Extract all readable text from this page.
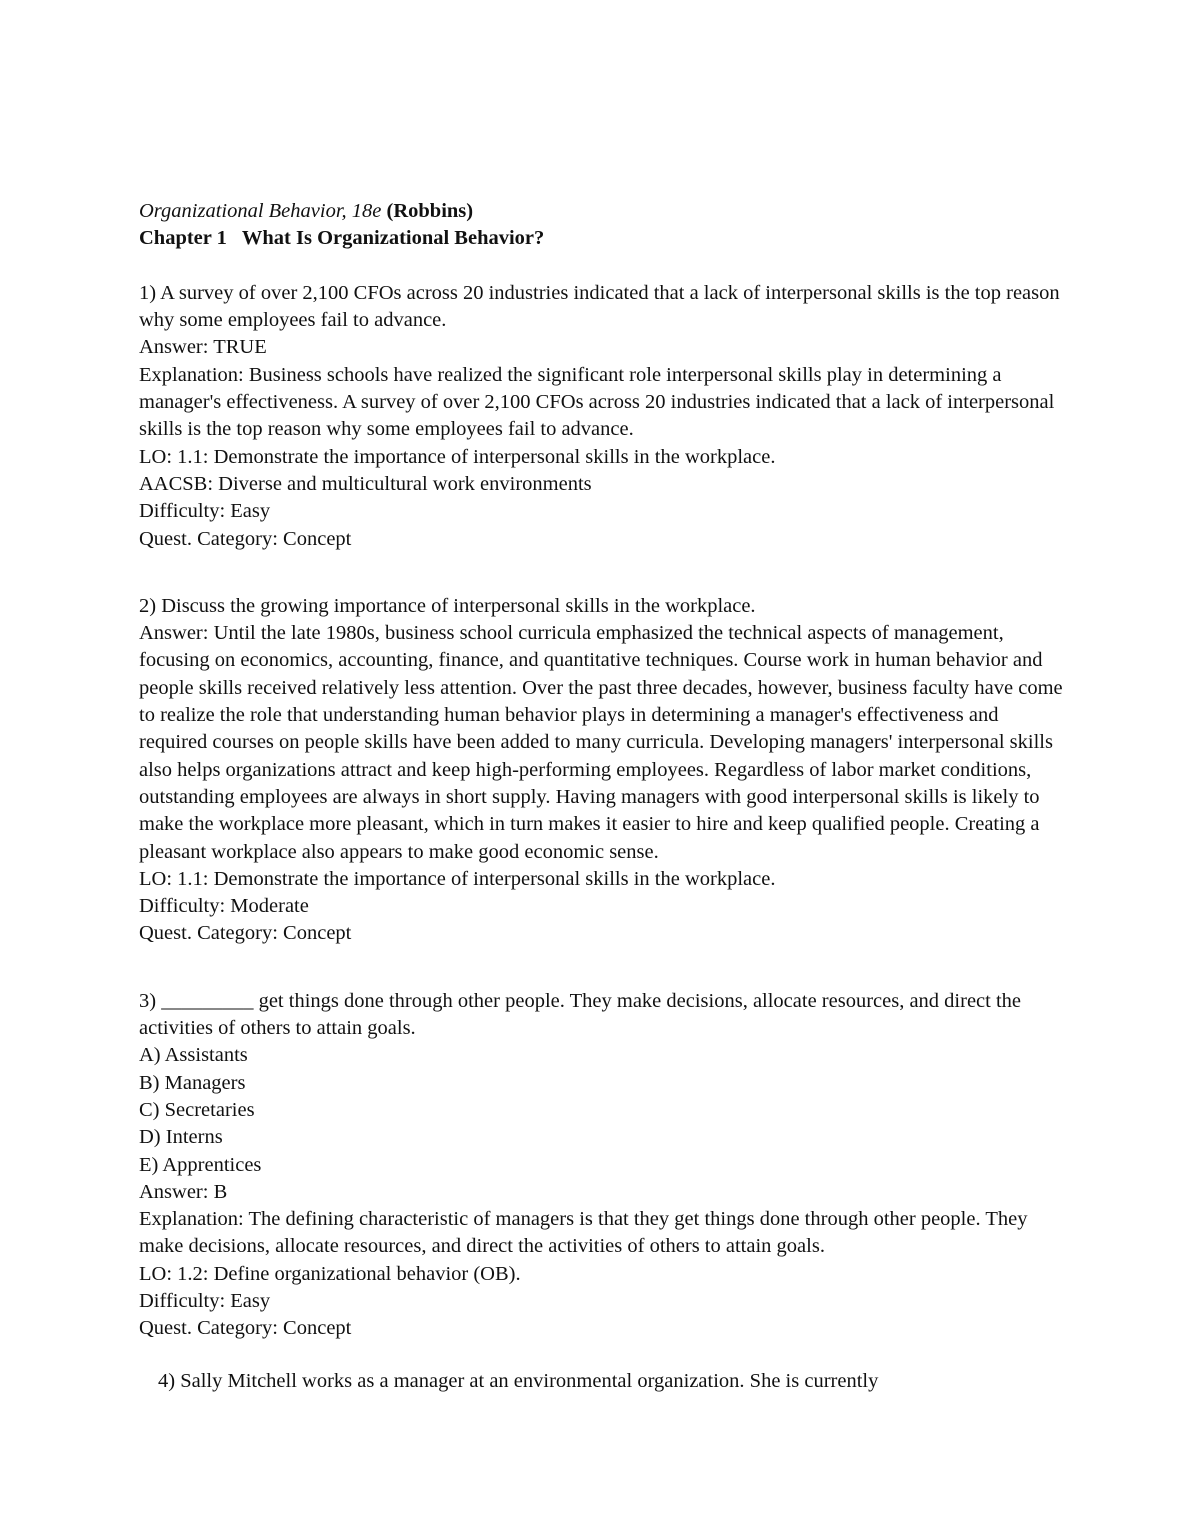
Organizational Behavior, 18e (Robbins)
Chapter 1   What Is Organizational Behavior?
1) A survey of over 2,100 CFOs across 20 industries indicated that a lack of interpersonal skills is the top reason why some employees fail to advance.
Answer: TRUE
Explanation: Business schools have realized the significant role interpersonal skills play in determining a manager's effectiveness. A survey of over 2,100 CFOs across 20 industries indicated that a lack of interpersonal skills is the top reason why some employees fail to advance.
LO: 1.1: Demonstrate the importance of interpersonal skills in the workplace.
AACSB: Diverse and multicultural work environments
Difficulty: Easy
Quest. Category: Concept
2) Discuss the growing importance of interpersonal skills in the workplace.
Answer: Until the late 1980s, business school curricula emphasized the technical aspects of management, focusing on economics, accounting, finance, and quantitative techniques. Course work in human behavior and people skills received relatively less attention. Over the past three decades, however, business faculty have come to realize the role that understanding human behavior plays in determining a manager's effectiveness and required courses on people skills have been added to many curricula. Developing managers' interpersonal skills also helps organizations attract and keep high-performing employees. Regardless of labor market conditions, outstanding employees are always in short supply. Having managers with good interpersonal skills is likely to make the workplace more pleasant, which in turn makes it easier to hire and keep qualified people. Creating a pleasant workplace also appears to make good economic sense.
LO: 1.1: Demonstrate the importance of interpersonal skills in the workplace.
Difficulty: Moderate
Quest. Category: Concept
3) _________ get things done through other people. They make decisions, allocate resources, and direct the activities of others to attain goals.
A) Assistants
B) Managers
C) Secretaries
D) Interns
E) Apprentices
Answer: B
Explanation: The defining characteristic of managers is that they get things done through other people. They make decisions, allocate resources, and direct the activities of others to attain goals.
LO: 1.2: Define organizational behavior (OB).
Difficulty: Easy
Quest. Category: Concept
4) Sally Mitchell works as a manager at an environmental organization. She is currently
